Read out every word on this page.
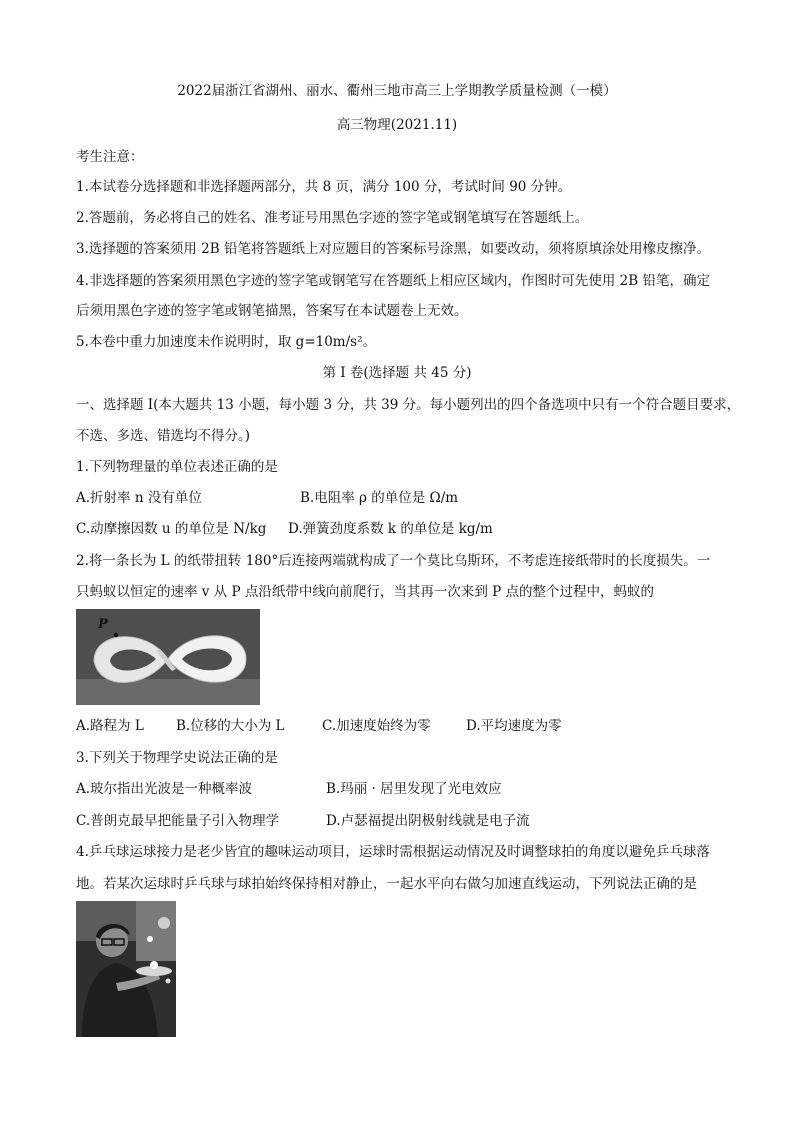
2022届浙江省湖州、丽水、衢州三地市高三上学期教学质量检测（一模）
高三物理(2021.11)
考生注意：
1.本试卷分选择题和非选择题两部分，共 8 页，满分 100 分，考试时间 90 分钟。
2.答题前，务必将自己的姓名、准考证号用黑色字迹的签字笔或钢笔填写在答题纸上。
3.选择题的答案须用 2B 铅笔将答题纸上对应题目的答案标号涂黑，如要改动，须将原填涂处用橡皮擦净。
4.非选择题的答案须用黑色字迹的签字笔或钢笔写在答题纸上相应区域内，作图时可先使用 2B 铅笔，确定
后须用黑色字迹的签字笔或钢笔描黑，答案写在本试题卷上无效。
5.本卷中重力加速度未作说明时，取 g=10m/s²。
第 I 卷(选择题 共 45 分)
一、选择题 I(本大题共 13 小题，每小题 3 分，共 39 分。每小题列出的四个备选项中只有一个符合题目要求，
不选、多选、错选均不得分。)
1.下列物理量的单位表述正确的是
A.折射率 n 没有单位	B.电阻率 ρ 的单位是 Ω/m
C.动摩擦因数 u 的单位是 N/kg D.弹簧劲度系数 k 的单位是 kg/m
2.将一条长为 L 的纸带扭转 180°后连接两端就构成了一个莫比乌斯环，不考虑连接纸带时的长度损失。一
只蚂蚁以恒定的速率 v 从 P 点沿纸带中线向前爬行，当其再一次来到 P 点的整个过程中，蚂蚁的
P
A.路程为 L B.位移的大小为 L	C.加速度始终为零	D.平均速度为零
3.下列关于物理学史说法正确的是
A.玻尔指出光波是一种概率波	B.玛丽 · 居里发现了光电效应
C.普朗克最早把能量子引入物理学	D.卢瑟福提出阴极射线就是电子流
4.乒乓球运球接力是老少皆宜的趣味运动项目，运球时需根据运动情况及时调整球拍的角度以避免乒乓球落
地。若某次运球时乒乓球与球拍始终保持相对静止，一起水平向右做匀加速直线运动，下列说法正确的是
